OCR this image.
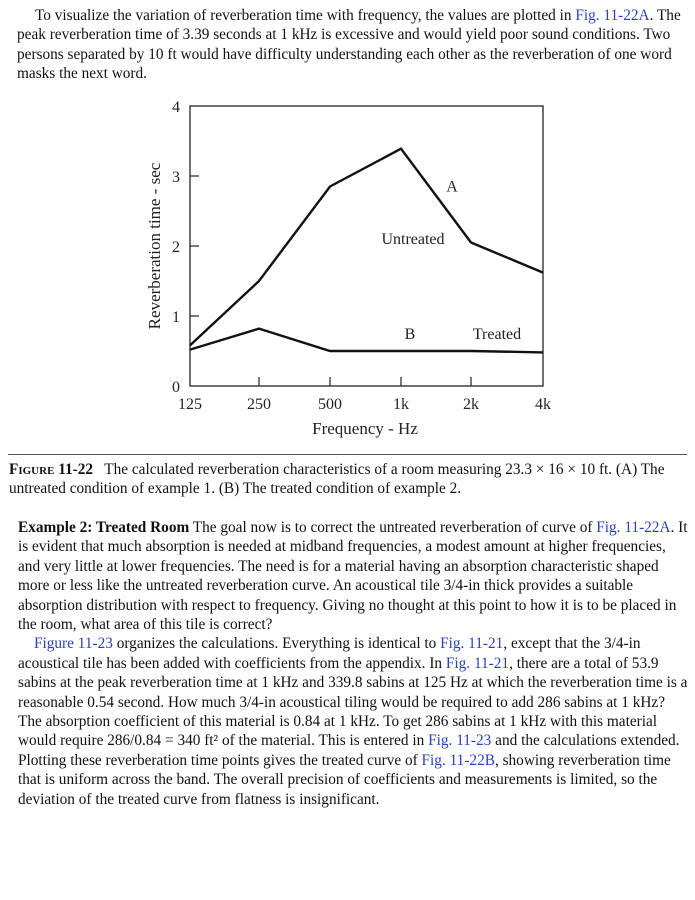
To visualize the variation of reverberation time with frequency, the values are plotted in Fig. 11-22A. The peak reverberation time of 3.39 seconds at 1 kHz is excessive and would yield poor sound conditions. Two persons separated by 10 ft would have difficulty understanding each other as the reverberation of one word masks the next word.
0
1
2
3
4
125	250	500	1k	2k	4k
A
Untreated
B	Treated
Frequency - Hz
Reverberation time - sec
Figure 11-22 The calculated reverberation characteristics of a room measuring 23.3 × 16 × 10 ft. (A) The untreated condition of example 1. (B) The treated condition of example 2.

Example 2: Treated Room The goal now is to correct the untreated reverberation of curve of Fig. 11-22A. It is evident that much absorption is needed at midband frequencies, a modest amount at higher frequencies, and very little at lower frequencies. The need is for a material having an absorption characteristic shaped more or less like the untreated reverberation curve. An acoustical tile 3/4-in thick provides a suitable absorption distribution with respect to frequency. Giving no thought at this point to how it is to be placed in the room, what area of this tile is correct?

Figure 11-23 organizes the calculations. Everything is identical to Fig. 11-21, except that the 3/4-in acoustical tile has been added with coefficients from the appendix. In Fig. 11-21, there are a total of 53.9 sabins at the peak reverberation time at 1 kHz and 339.8 sabins at 125 Hz at which the reverberation time is a reasonable 0.54 second. How much 3/4-in acoustical tiling would be required to add 286 sabins at 1 kHz? The absorption coefficient of this material is 0.84 at 1 kHz. To get 286 sabins at 1 kHz with this material would require 286/0.84 = 340 ft² of the material. This is entered in Fig. 11-23 and the calculations extended. Plotting these reverberation time points gives the treated curve of Fig. 11-22B, showing reverberation time that is uniform across the band. The overall precision of coefficients and measurements is limited, so the deviation of the treated curve from flatness is insignificant.
